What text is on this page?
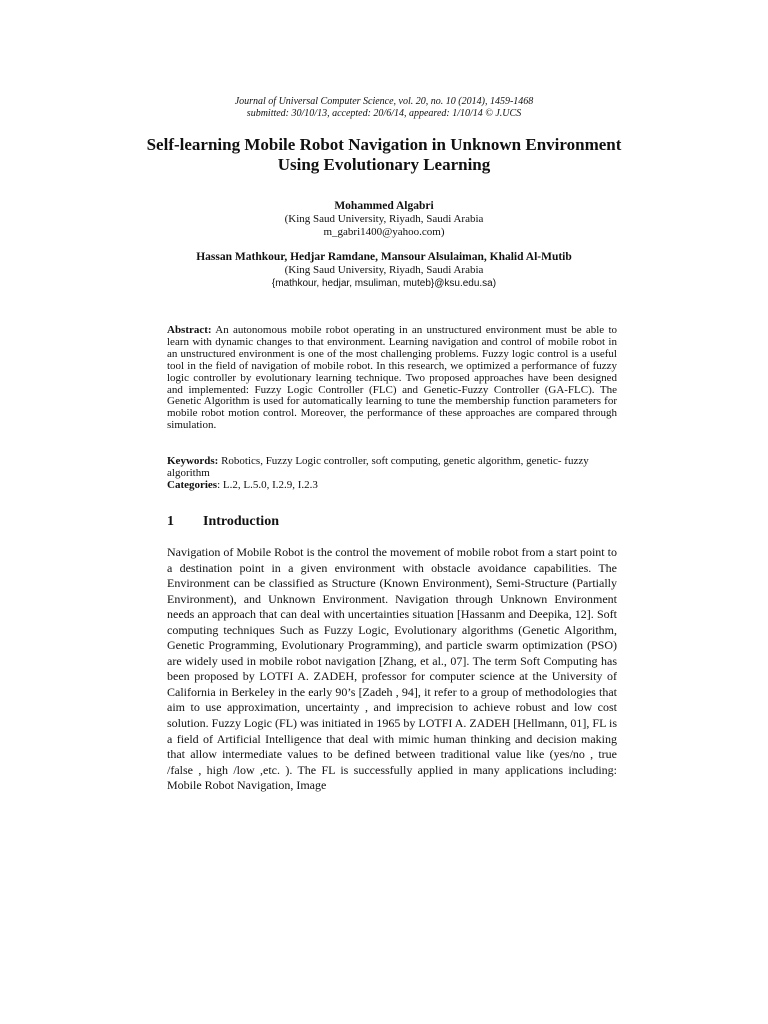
Journal of Universal Computer Science, vol. 20, no. 10 (2014), 1459-1468
submitted: 30/10/13, accepted: 20/6/14, appeared: 1/10/14 © J.UCS
Self-learning Mobile Robot Navigation in Unknown Environment Using Evolutionary Learning
Mohammed Algabri
(King Saud University, Riyadh, Saudi Arabia
m_gabri1400@yahoo.com)
Hassan Mathkour, Hedjar Ramdane, Mansour Alsulaiman, Khalid Al-Mutib
(King Saud University, Riyadh, Saudi Arabia
{mathkour, hedjar, msuliman, muteb}@ksu.edu.sa)
Abstract: An autonomous mobile robot operating in an unstructured environment must be able to learn with dynamic changes to that environment. Learning navigation and control of mobile robot in an unstructured environment is one of the most challenging problems. Fuzzy logic control is a useful tool in the field of navigation of mobile robot. In this research, we optimized a performance of fuzzy logic controller by evolutionary learning technique. Two proposed approaches have been designed and implemented: Fuzzy Logic Controller (FLC) and Genetic-Fuzzy Controller (GA-FLC). The Genetic Algorithm is used for automatically learning to tune the membership function parameters for mobile robot motion control. Moreover, the performance of these approaches are compared through simulation.
Keywords: Robotics, Fuzzy Logic controller, soft computing, genetic algorithm, genetic- fuzzy algorithm
Categories: L.2, L.5.0, I.2.9, I.2.3
1 Introduction
Navigation of Mobile Robot is the control the movement of mobile robot from a start point to a destination point in a given environment with obstacle avoidance capabilities. The Environment can be classified as Structure (Known Environment), Semi-Structure (Partially Environment), and Unknown Environment. Navigation through Unknown Environment needs an approach that can deal with uncertainties situation [Hassanm and Deepika, 12]. Soft computing techniques Such as Fuzzy Logic, Evolutionary algorithms (Genetic Algorithm, Genetic Programming, Evolutionary Programming), and particle swarm optimization (PSO) are widely used in mobile robot navigation [Zhang, et al., 07]. The term Soft Computing has been proposed by LOTFI A. ZADEH, professor for computer science at the University of California in Berkeley in the early 90’s [Zadeh , 94], it refer to a group of methodologies that aim to use approximation, uncertainty , and imprecision to achieve robust and low cost solution. Fuzzy Logic (FL) was initiated in 1965 by LOTFI A. ZADEH [Hellmann, 01], FL is a field of Artificial Intelligence that deal with mimic human thinking and decision making that allow intermediate values to be defined between traditional value like (yes/no , true /false , high /low ,etc. ). The FL is successfully applied in many applications including: Mobile Robot Navigation, Image
